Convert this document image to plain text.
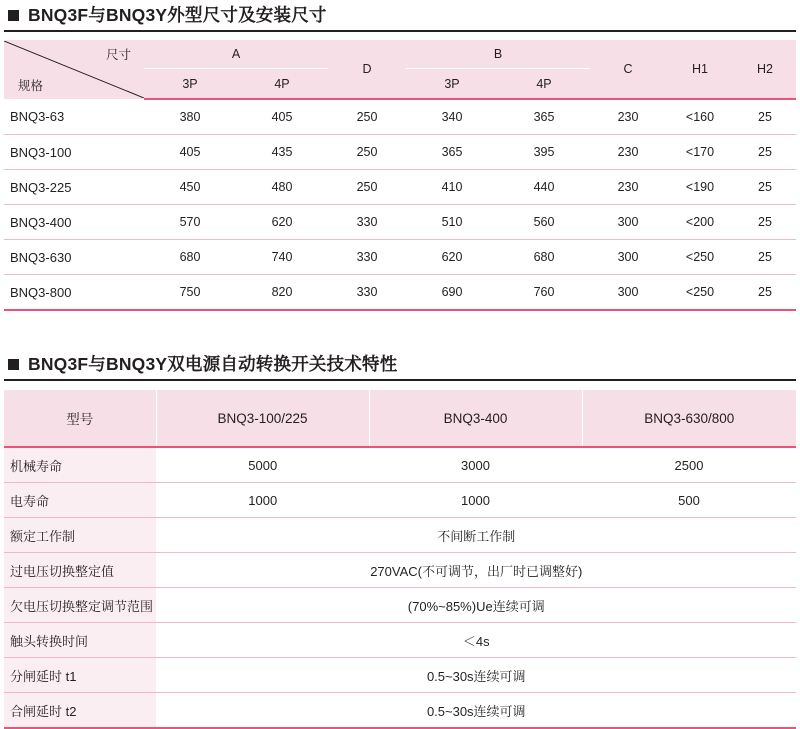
BNQ3F与BNQ3Y外型尺寸及安装尺寸
尺寸
规格	A		D	B		C	H1	H2
	3P	4P		3P	4P			
BNQ3-63	380	405	250	340	365	230	<160	25
BNQ3-100	405	435	250	365	395	230	<170	25
BNQ3-225	450	480	250	410	440	230	<190	25
BNQ3-400	570	620	330	510	560	300	<200	25
BNQ3-630	680	740	330	620	680	300	<250	25
BNQ3-800	750	820	330	690	760	300	<250	25
BNQ3F与BNQ3Y双电源自动转换开关技术特性
型号	BNQ3-100/225	BNQ3-400	BNQ3-630/800
机械寿命	5000	3000	2500
电寿命	1000	1000	500
额定工作制	不间断工作制		
过电压切换整定值	270VAC(不可调节，出厂时已调整好)		
欠电压切换整定调节范围	(70%~85%)Ue连续可调		
触头转换时间	＜4s		
分闸延时 t1	0.5~30s连续可调		
合闸延时 t2	0.5~30s连续可调		
